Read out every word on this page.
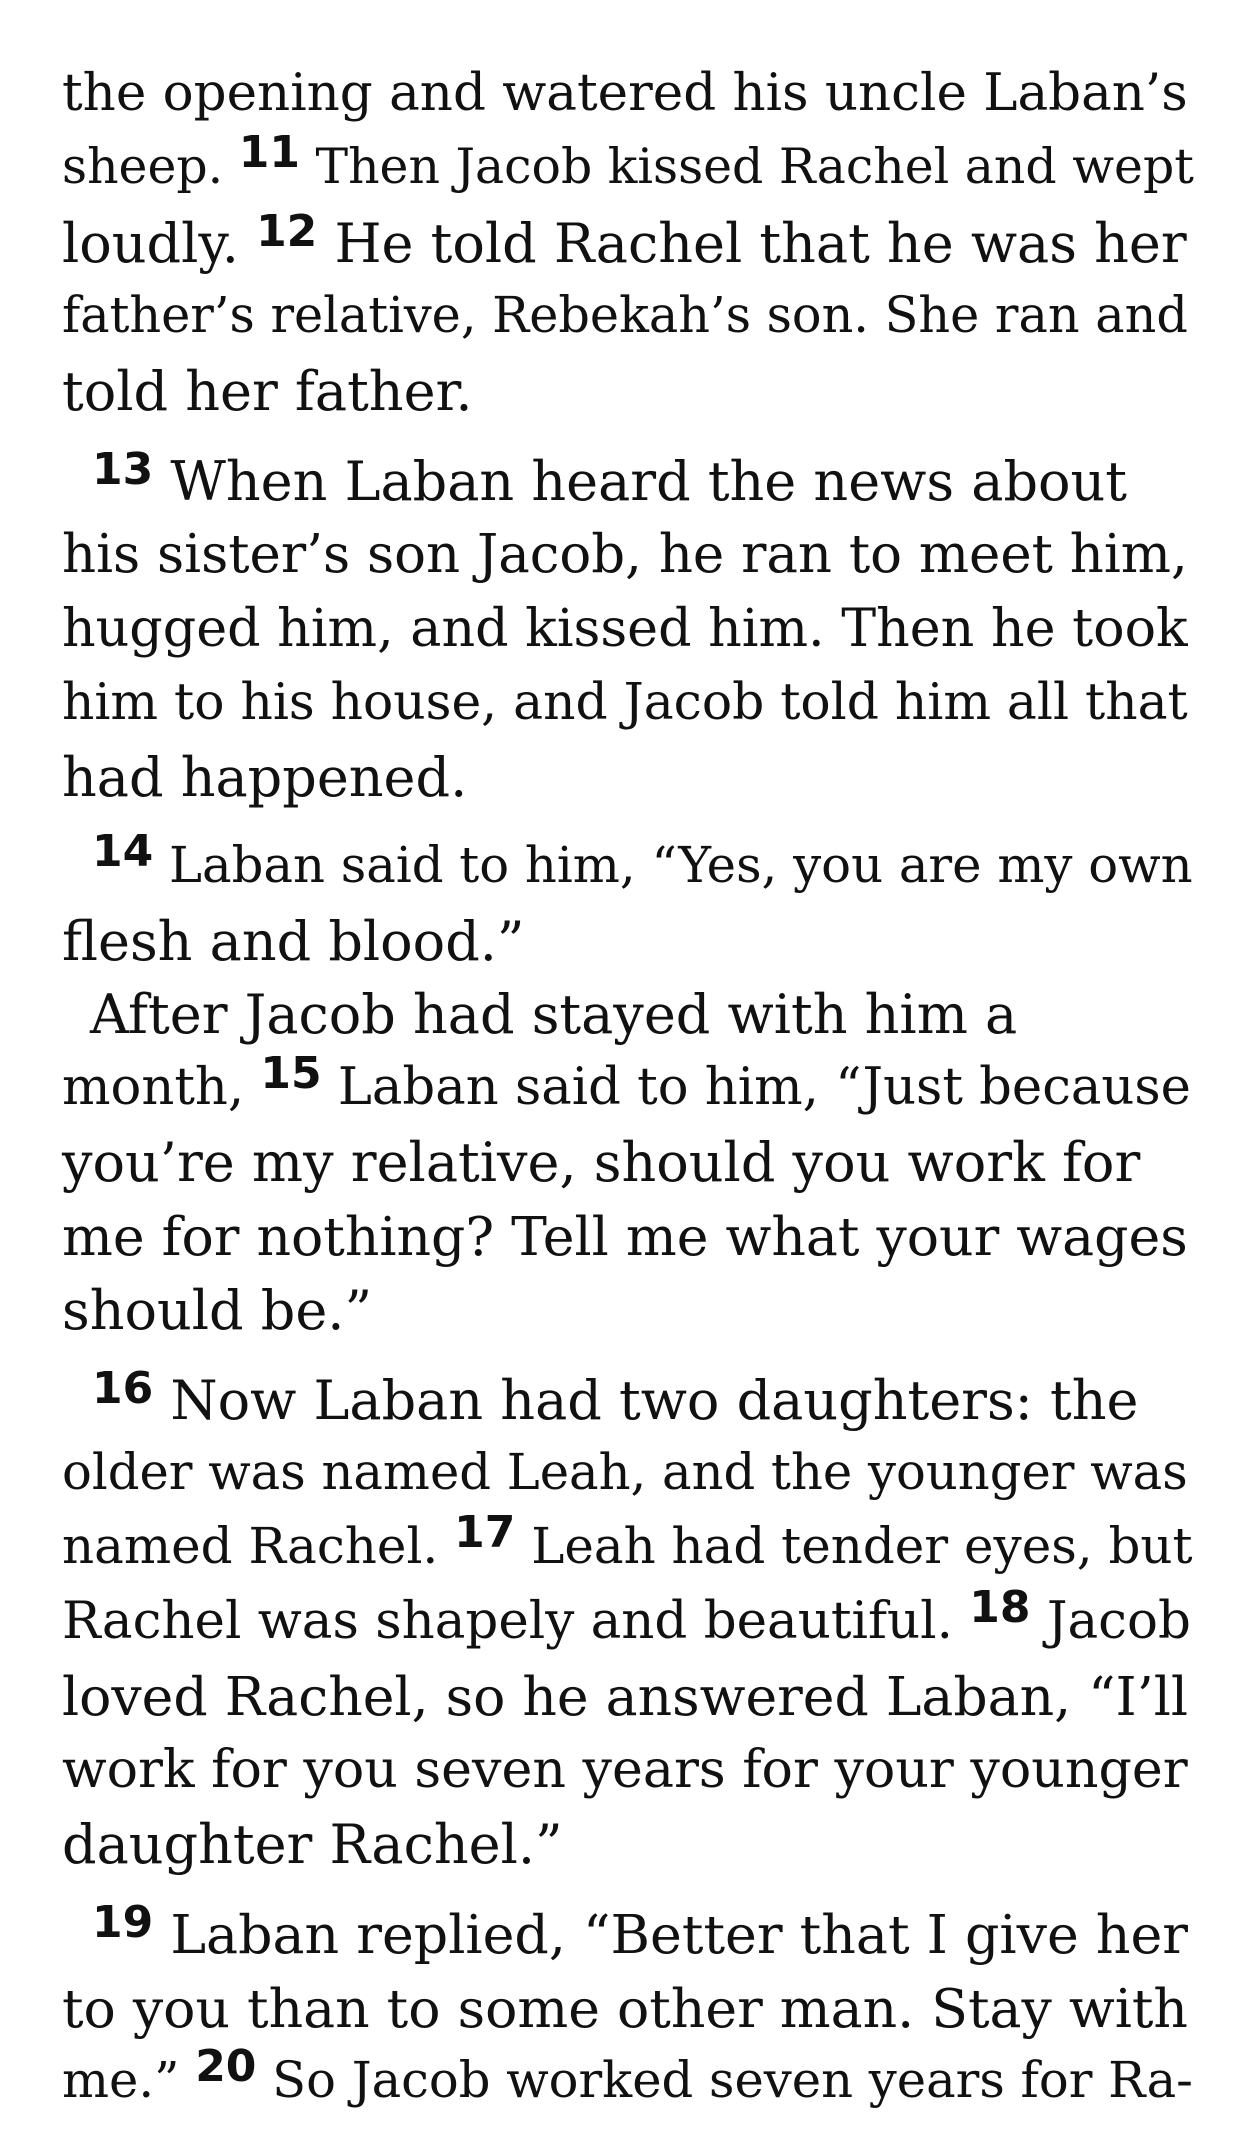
the opening and watered his uncle Laban’s
sheep. 11 Then Jacob kissed Rachel and wept
loudly. $^{12}$ He told Rachel that he was her
father’s relative, Rebekah’s son. She ran and
told her father.
$^{13}$ When Laban heard the news about
his sister’s son Jacob, he ran to meet him,
hugged him, and kissed him. Then he took
him to his house, and Jacob told him all that
had happened.
14 Laban said to him, “Yes, you are my own
flesh and blood.”
After Jacob had stayed with him a
month, 15 Laban said to him, “Just because
you’re my relative, should you work for
me for nothing? Tell me what your wages
should be.”
$^{16}$ Now Laban had two daughters: the
older was named Leah, and the younger was
named Rachel. 17 Leah had tender eyes, but
Rachel was shapely and beautiful. 18 Jacob
loved Rachel, so he answered Laban, “I’ll
work for you seven years for your younger
daughter Rachel.”
$^{19}$ Laban replied, “Better that I give her
to you than to some other man. Stay with
me.” 20 So Jacob worked seven years for Ra-
